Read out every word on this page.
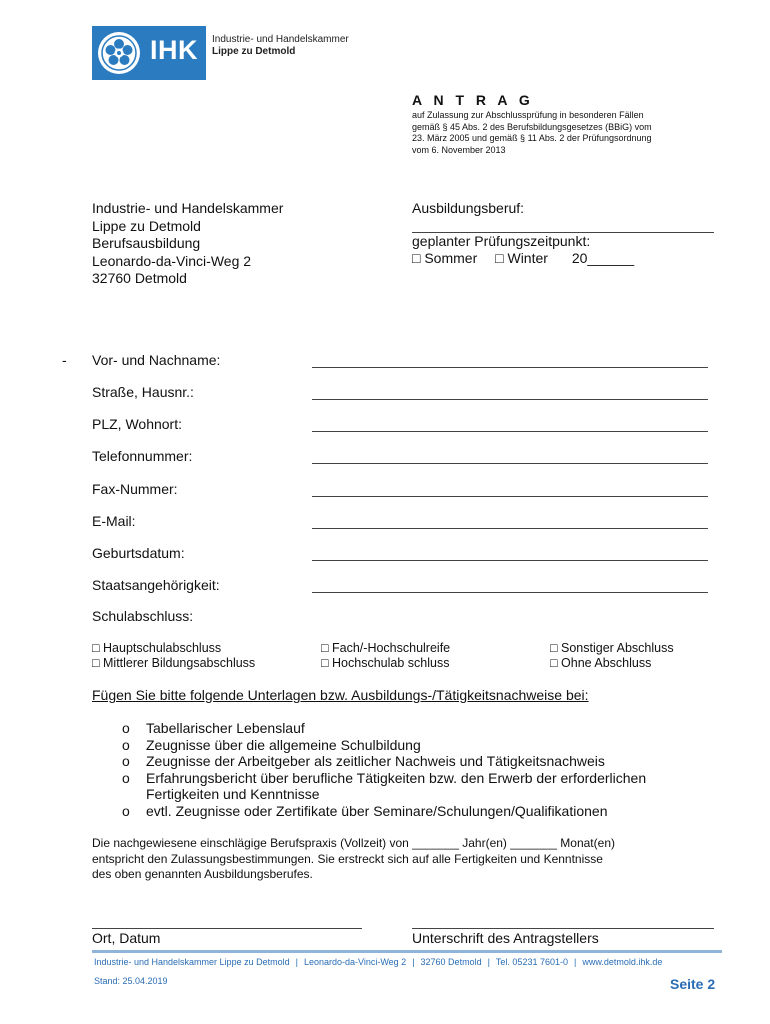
IHK Industrie- und Handelskammer
Lippe zu Detmold
A N T R A G
auf Zulassung zur Abschlussprüfung in besonderen Fällen
gemäß § 45 Abs. 2 des Berufsbildungsgesetzes (BBiG) vom
23. März 2005 und gemäß § 11 Abs. 2 der Prüfungsordnung
vom 6. November 2013
Industrie- und Handelskammer
Lippe zu Detmold
Berufsausbildung
Leonardo-da-Vinci-Weg 2
32760 Detmold
Ausbildungsberuf:
geplanter Prüfungszeitpunkt:
□ Sommer □ Winter 20______
- Vor- und Nachname:
Straße, Hausnr.:
PLZ, Wohnort:
Telefonnummer:
Fax-Nummer:
E-Mail:
Geburtsdatum:
Staatsangehörigkeit:
Schulabschluss:
□ Hauptschulabschluss
□ Mittlerer Bildungsabschluss
□ Fach/-Hochschulreife
□ Hochschulab schluss
□ Sonstiger Abschluss
□ Ohne Abschluss
Fügen Sie bitte folgende Unterlagen bzw. Ausbildungs-/Tätigkeitsnachweise bei:
o Tabellarischer Lebenslauf
o Zeugnisse über die allgemeine Schulbildung
o Zeugnisse der Arbeitgeber als zeitlicher Nachweis und Tätigkeitsnachweis
o Erfahrungsbericht über berufliche Tätigkeiten bzw. den Erwerb der erforderlichen Fertigkeiten und Kenntnisse
o evtl. Zeugnisse oder Zertifikate über Seminare/Schulungen/Qualifikationen
Die nachgewiesene einschlägige Berufspraxis (Vollzeit) von _______ Jahr(en) _______ Monat(en)
entspricht den Zulassungsbestimmungen. Sie erstreckt sich auf alle Fertigkeiten und Kenntnisse
des oben genannten Ausbildungsberufes.
Ort, Datum	Unterschrift des Antragstellers
Industrie- und Handelskammer Lippe zu Detmold | Leonardo-da-Vinci-Weg 2 | 32760 Detmold | Tel. 05231 7601-0 | www.detmold.ihk.de
Stand: 25.04.2019	Seite 2
